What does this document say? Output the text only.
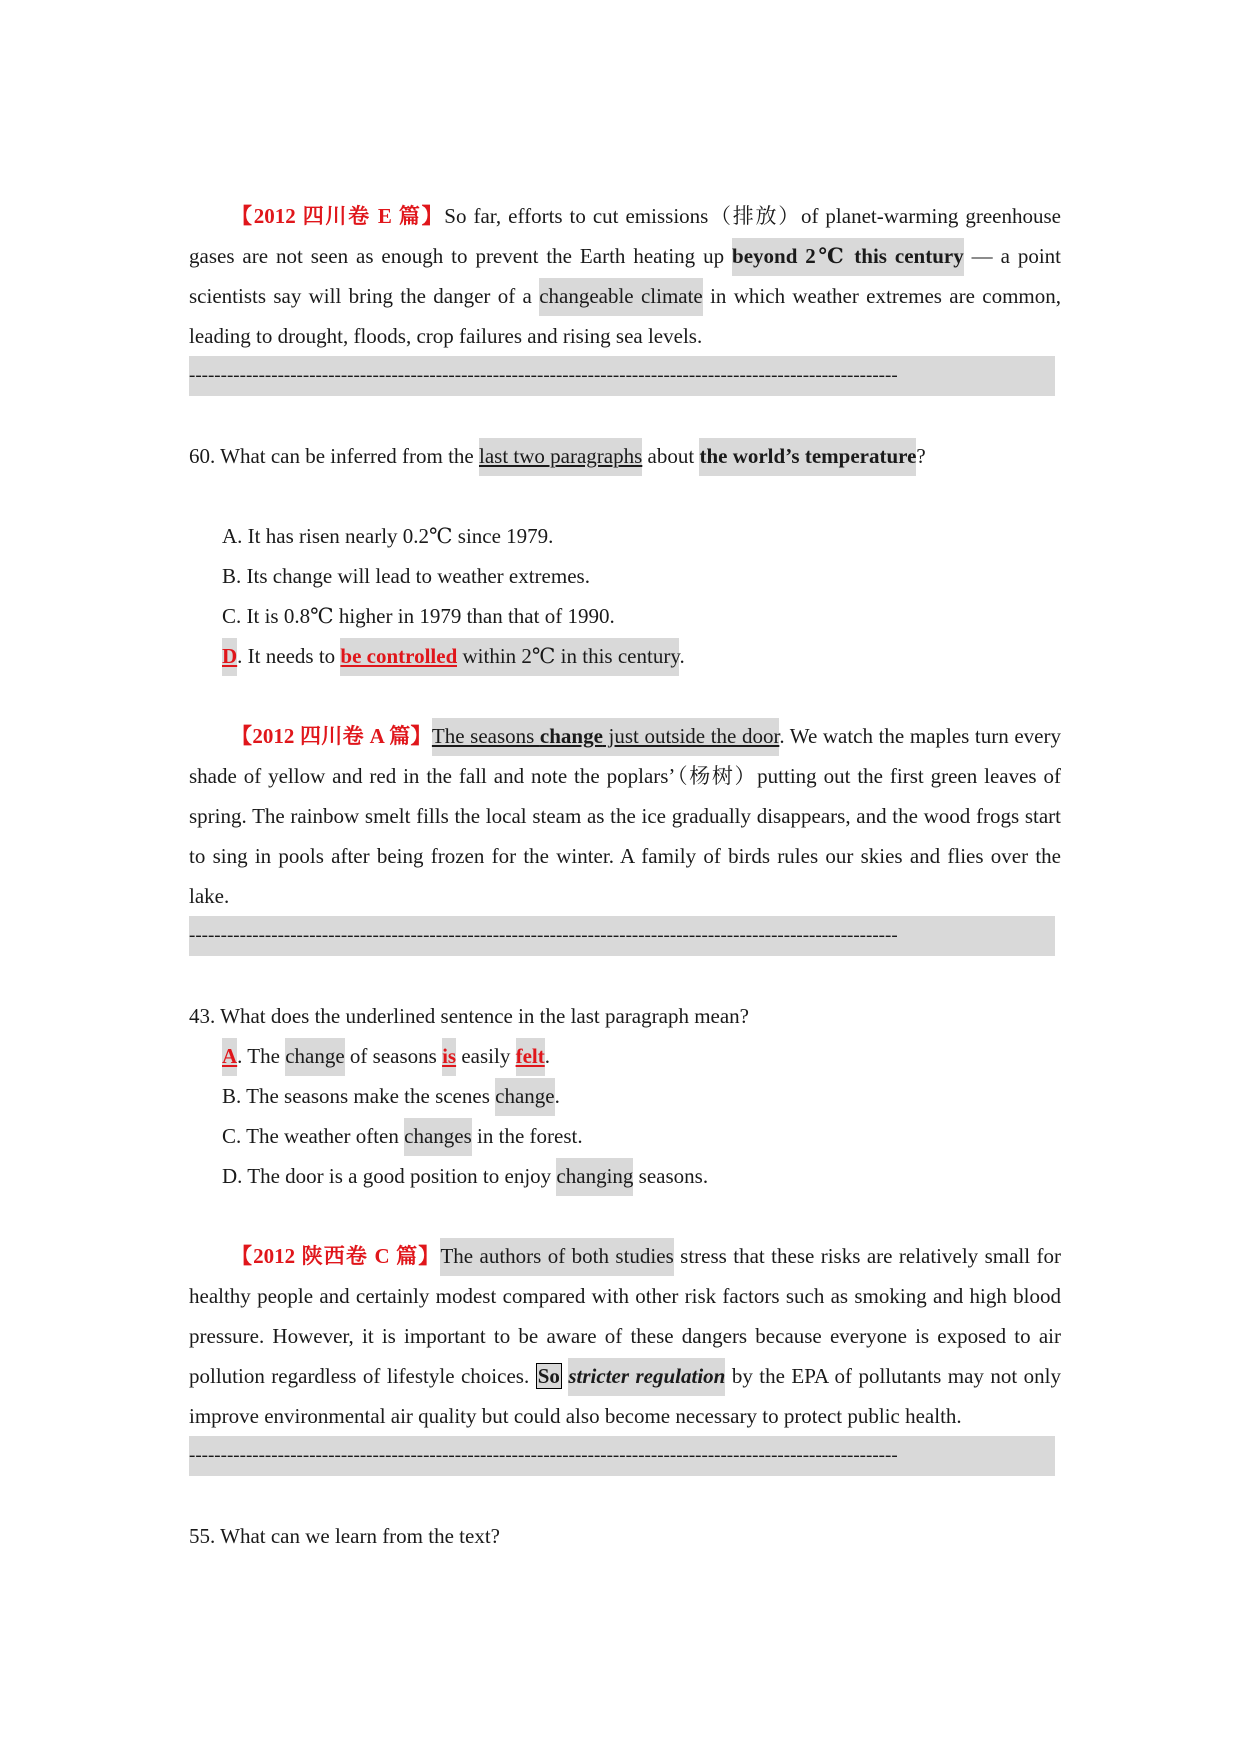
【2012 四川卷 E 篇】So far, efforts to cut emissions（排放）of planet-warming greenhouse gases are not seen as enough to prevent the Earth heating up beyond 2℃ this century — a point scientists say will bring the danger of a changeable climate in which weather extremes are common, leading to drought, floods, crop failures and rising sea levels.

----------------------------------------------------------------------------------------------------------------

60. What can be inferred from the last two paragraphs about the world’s temperature?

A. It has risen nearly 0.2℃ since 1979.

B. Its change will lead to weather extremes.

C. It is 0.8℃ higher in 1979 than that of 1990.

D. It needs to be controlled within 2℃ in this century.

【2012 四川卷 A 篇】The seasons change just outside the door. We watch the maples turn every shade of yellow and red in the fall and note the poplars’（杨树）putting out the first green leaves of spring. The rainbow smelt fills the local steam as the ice gradually disappears, and the wood frogs start to sing in pools after being frozen for the winter. A family of birds rules our skies and flies over the lake.

----------------------------------------------------------------------------------------------------------------

43. What does the underlined sentence in the last paragraph mean?

A. The change of seasons is easily felt.

B. The seasons make the scenes change.

C. The weather often changes in the forest.

D. The door is a good position to enjoy changing seasons.

【2012 陕西卷 C 篇】The authors of both studies stress that these risks are relatively small for healthy people and certainly modest compared with other risk factors such as smoking and high blood pressure. However, it is important to be aware of these dangers because everyone is exposed to air pollution regardless of lifestyle choices. So stricter regulation by the EPA of pollutants may not only improve environmental air quality but could also become necessary to protect public health.

----------------------------------------------------------------------------------------------------------------

55. What can we learn from the text?
